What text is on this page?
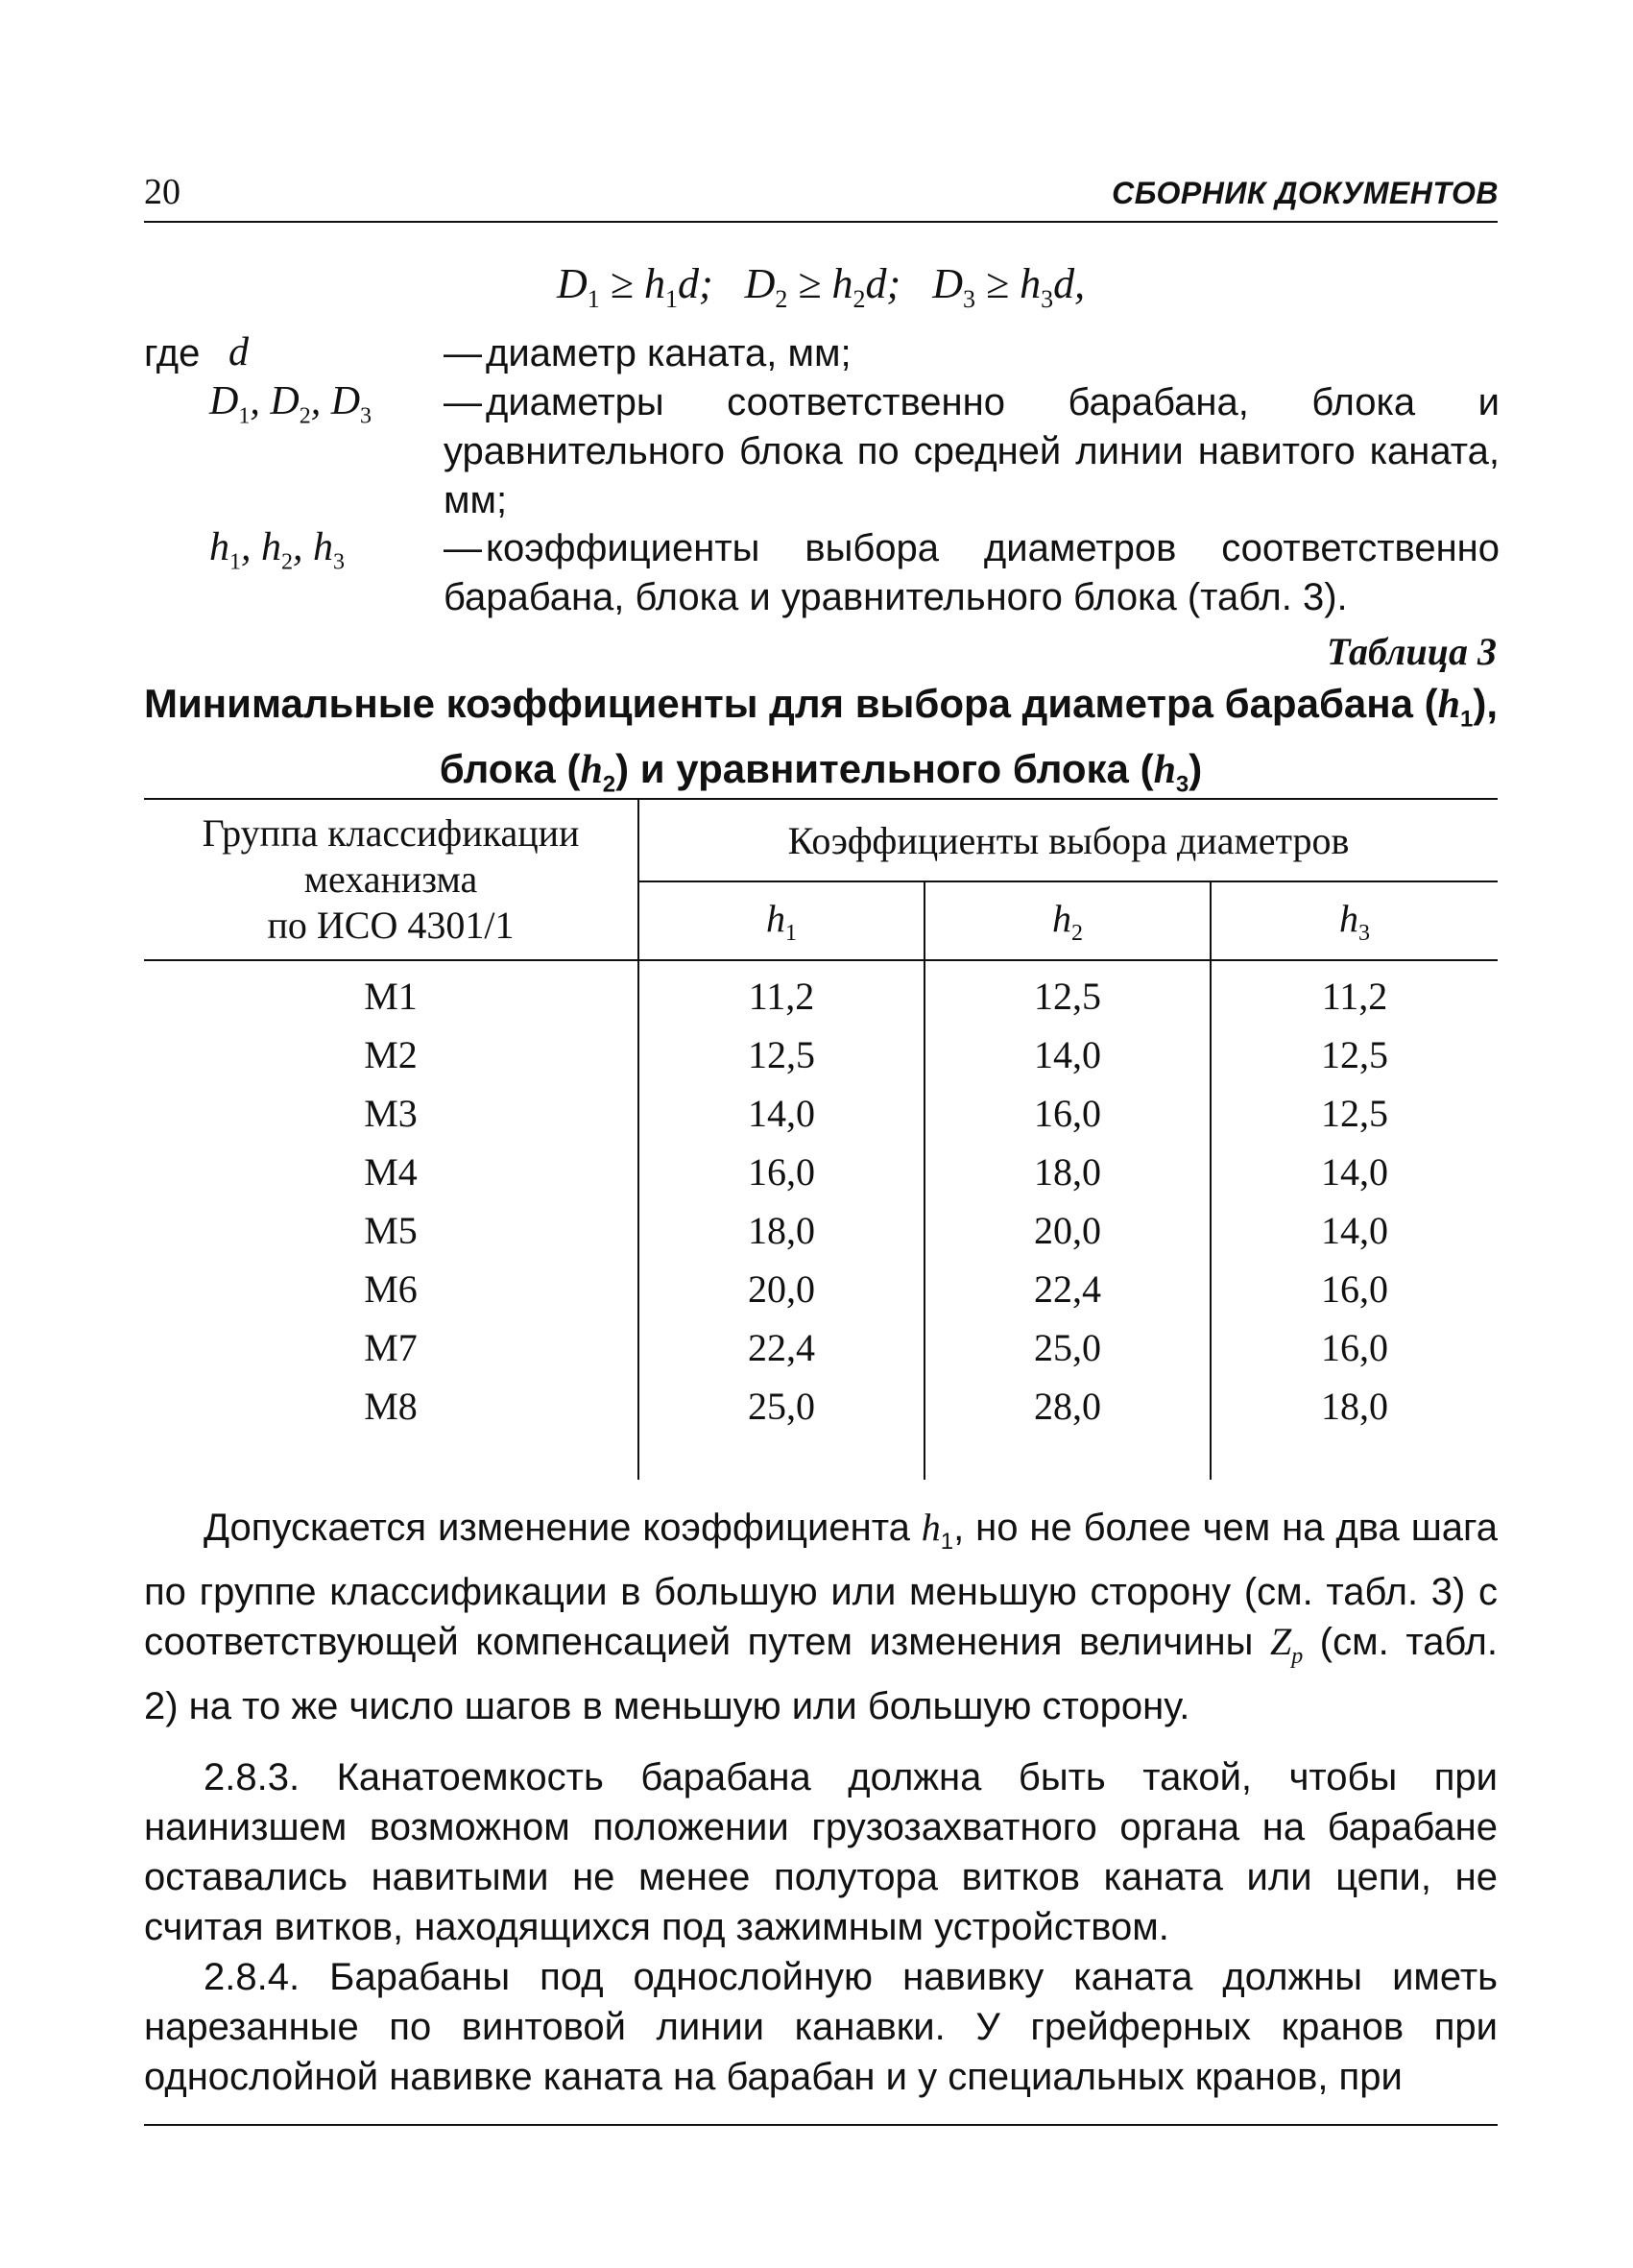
20	СБОРНИК ДОКУМЕНТОВ
$D_1 \ge h_1d$;   $D_2 \ge h_2d$;   $D_3 \ge h_3d$,
где d	— диаметр каната, мм;
$D_1$, $D_2$, $D_3$ — диаметры соответственно барабана, блока и уравнительного блока по средней линии навитого каната, мм;
$h_1$, $h_2$, $h_3$	— коэффициенты выбора диаметров соответственно барабана, блока и уравнительного блока (табл. 3).
Таблица 3
Минимальные коэффициенты для выбора диаметра барабана $(h_1)$,
блока $(h_2)$ и уравнительного блока $(h_3)$
Группа классификации
механизма
по ИСО 4301/1	Коэффициенты выбора диаметров		
	$h_1$	$h_2$	$h_3$
M1	11,2	12,5	11,2
M2	12,5	14,0	12,5
M3	14,0	16,0	12,5
M4	16,0	18,0	14,0
M5	18,0	20,0	14,0
M6	20,0	22,4	16,0
M7	22,4	25,0	16,0
M8	25,0	28,0	18,0
Допускается изменение коэффициента $h_1$, но не более чем на два шага по группе классификации в большую или меньшую сторону (см. табл. 3) с соответствующей компенсацией путем изменения величины $Z_p$ (см. табл. 2) на то же число шагов в меньшую или большую сторону.
2.8.3. Канатоемкость барабана должна быть такой, чтобы при наинизшем возможном положении грузозахватного органа на барабане оставались навитыми не менее полутора витков каната или цепи, не считая витков, находящихся под зажимным устройством.
2.8.4. Барабаны под однослойную навивку каната должны иметь нарезанные по винтовой линии канавки. У грейферных кранов при однослойной навивке каната на барабан и у специальных кранов, при
